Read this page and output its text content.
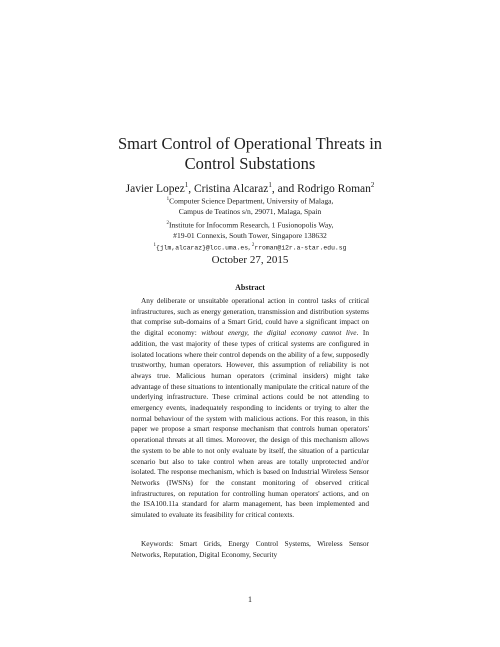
Smart Control of Operational Threats in
Control Substations
Javier Lopez$^1$, Cristina Alcaraz$^1$, and Rodrigo Roman$^2$
$^1$Computer Science Department, University of Malaga,
Campus de Teatinos s/n, 29071, Malaga, Spain
$^2$Institute for Infocomm Research, 1 Fusionopolis Way,
#19-01 Connexis, South Tower, Singapore 138632
$^1${jlm,alcaraz}@lcc.uma.es, $^2$rroman@i2r.a-star.edu.sg
October 27, 2015
Abstract

Any deliberate or unsuitable operational action in control tasks of critical infrastructures, such as energy generation, transmission and distribution systems that comprise sub-domains of a Smart Grid, could have a significant impact on the digital economy: without energy, the digital economy cannot live. In addition, the vast majority of these types of critical systems are configured in isolated locations where their control depends on the ability of a few, supposedly trustworthy, human operators. However, this assumption of reliability is not always true. Malicious human operators (criminal insiders) might take advantage of these situations to intentionally manipulate the critical nature of the underlying infrastructure. These criminal actions could be not attending to emergency events, inadequately responding to incidents or trying to alter the normal behaviour of the system with malicious actions. For this reason, in this paper we propose a smart response mechanism that controls human operators' operational threats at all times. Moreover, the design of this mechanism allows the system to be able to not only evaluate by itself, the situation of a particular scenario but also to take control when areas are totally unprotected and/or isolated. The response mechanism, which is based on Industrial Wireless Sensor Networks (IWSNs) for the constant monitoring of observed critical infrastructures, on reputation for controlling human operators' actions, and on the ISA100.11a standard for alarm management, has been implemented and simulated to evaluate its feasibility for critical contexts.

Keywords: Smart Grids, Energy Control Systems, Wireless Sensor Networks, Reputation, Digital Economy, Security

1
